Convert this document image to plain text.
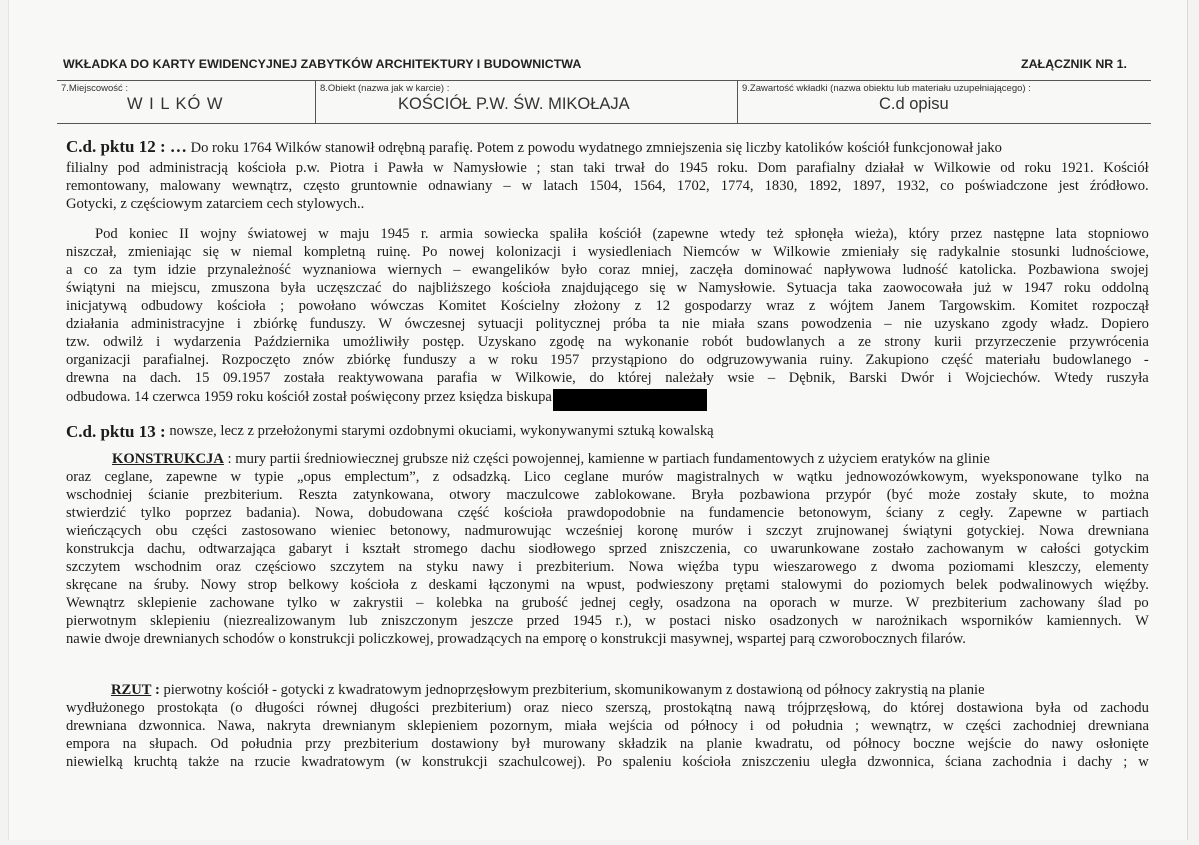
WKŁADKA DO KARTY EWIDENCYJNEJ ZABYTKÓW ARCHITEKTURY I BUDOWNICTWA	ZAŁĄCZNIK NR 1.
7.Miejscowość :
W I L KÓ W
8.Obiekt (nazwa jak w karcie) :
KOŚCIÓŁ P.W. ŚW. MIKOŁAJA
9.Zawartość wkładki (nazwa obiektu lub materiału uzupełniającego) :
C.d opisu
C.d. pktu 12 : … Do roku 1764 Wilków stanowił odrębną parafię. Potem z powodu wydatnego zmniejszenia się liczby katolików kościół funkcjonował jako
filialny pod administracją kościoła p.w. Piotra i Pawła w Namysłowie ; stan taki trwał do 1945 roku. Dom parafialny działał w Wilkowie od roku 1921. Kościół
remontowany, malowany wewnątrz, często gruntownie odnawiany – w latach 1504, 1564, 1702, 1774, 1830, 1892, 1897, 1932, co poświadczone jest źródłowo.
Gotycki, z częściowym zatarciem cech stylowych..
Pod koniec II wojny światowej w maju 1945 r. armia sowiecka spaliła kościół (zapewne wtedy też spłonęła wieża), który przez następne lata stopniowo
niszczał, zmieniając się w niemal kompletną ruinę. Po nowej kolonizacji i wysiedleniach Niemców w Wilkowie zmieniały się radykalnie stosunki ludnościowe,
a co za tym idzie przynależność wyznaniowa wiernych – ewangelików było coraz mniej, zaczęła dominować napływowa ludność katolicka. Pozbawiona swojej
świątyni na miejscu, zmuszona była uczęszczać do najbliższego kościoła znajdującego się w Namysłowie. Sytuacja taka zaowocowała już w 1947 roku oddolną
inicjatywą odbudowy kościoła ; powołano wówczas Komitet Kościelny złożony z 12 gospodarzy wraz z wójtem Janem Targowskim. Komitet rozpoczął
działania administracyjne i zbiórkę funduszy. W ówczesnej sytuacji politycznej próba ta nie miała szans powodzenia – nie uzyskano zgody władz. Dopiero
tzw. odwilż i wydarzenia Października umożliwiły postęp. Uzyskano zgodę na wykonanie robót budowlanych a ze strony kurii przyrzeczenie przywrócenia
organizacji parafialnej. Rozpoczęto znów zbiórkę funduszy a w roku 1957 przystąpiono do odgruzowywania ruiny. Zakupiono część materiału budowlanego -
drewna na dach. 15 09.1957 została reaktywowana parafia w Wilkowie, do której należały wsie – Dębnik, Barski Dwór i Wojciechów. Wtedy ruszyła
odbudowa. 14 czerwca 1959 roku kościół został poświęcony przez księdza biskupa
C.d. pktu 13 : nowsze, lecz z przełożonymi starymi ozdobnymi okuciami, wykonywanymi sztuką kowalską
KONSTRUKCJA : mury partii średniowiecznej grubsze niż części powojennej, kamienne w partiach fundamentowych z użyciem eratyków na glinie
oraz ceglane, zapewne w typie „opus emplectum”, z odsadzką. Lico ceglane murów magistralnych w wątku jednowozówkowym, wyeksponowane tylko na
wschodniej ścianie prezbiterium. Reszta zatynkowana, otwory maczulcowe zablokowane. Bryła pozbawiona przypór (być może zostały skute, to można
stwierdzić tylko poprzez badania). Nowa, dobudowana część kościoła prawdopodobnie na fundamencie betonowym, ściany z cegły. Zapewne w partiach
wieńczących obu części zastosowano wieniec betonowy, nadmurowując wcześniej koronę murów i szczyt zrujnowanej świątyni gotyckiej. Nowa drewniana
konstrukcja dachu, odtwarzająca gabaryt i kształt stromego dachu siodłowego sprzed zniszczenia, co uwarunkowane zostało zachowanym w całości gotyckim
szczytem wschodnim oraz częściowo szczytem na styku nawy i prezbiterium. Nowa więźba typu wieszarowego z dwoma poziomami kleszczy, elementy
skręcane na śruby. Nowy strop belkowy kościoła z deskami łączonymi na wpust, podwieszony prętami stalowymi do poziomych belek podwalinowych więźby.
Wewnątrz sklepienie zachowane tylko w zakrystii – kolebka na grubość jednej cegły, osadzona na oporach w murze. W prezbiterium zachowany ślad po
pierwotnym sklepieniu (niezrealizowanym lub zniszczonym jeszcze przed 1945 r.), w postaci nisko osadzonych w narożnikach wsporników kamiennych. W
nawie dwoje drewnianych schodów o konstrukcji policzkowej, prowadzących na emporę o konstrukcji masywnej, wspartej parą czworobocznych filarów.
RZUT : pierwotny kościół - gotycki z kwadratowym jednoprzęsłowym prezbiterium, skomunikowanym z dostawioną od północy zakrystią na planie
wydłużonego prostokąta (o długości równej długości prezbiterium) oraz nieco szerszą, prostokątną nawą trójprzęsłową, do której dostawiona była od zachodu
drewniana dzwonnica. Nawa, nakryta drewnianym sklepieniem pozornym, miała wejścia od północy i od południa ; wewnątrz, w części zachodniej drewniana
empora na słupach. Od południa przy prezbiterium dostawiony był murowany składzik na planie kwadratu, od północy boczne wejście do nawy osłonięte
niewielką kruchtą także na rzucie kwadratowym (w konstrukcji szachulcowej). Po spaleniu kościoła zniszczeniu uległa dzwonnica, ściana zachodnia i dachy ; w
